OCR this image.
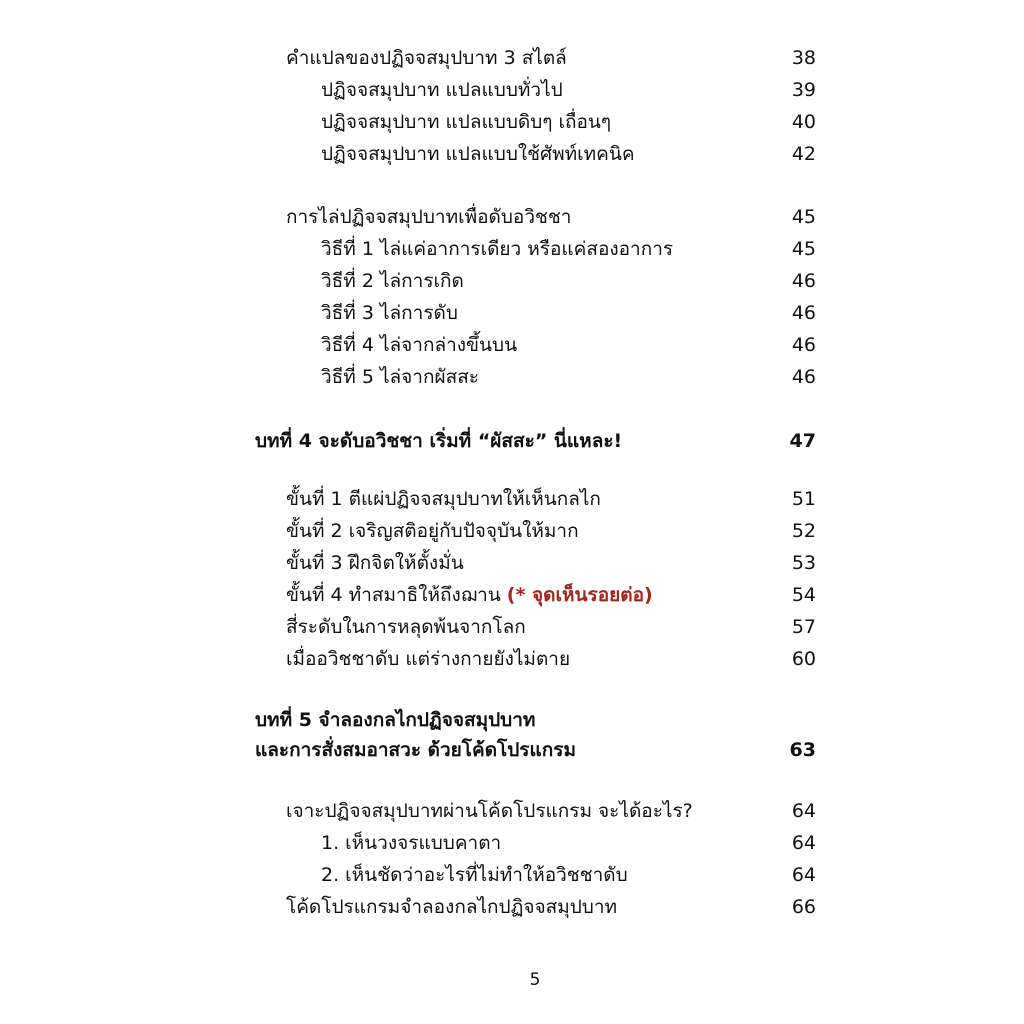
คำแปลของปฏิจจสมุปบาท 3 สไตล์	38
ปฏิจจสมุปบาท แปลแบบทั่วไป	39
ปฏิจจสมุปบาท แปลแบบดิบๆ เถื่อนๆ	40
ปฏิจจสมุปบาท แปลแบบใช้ศัพท์เทคนิค	42
การไล่ปฏิจจสมุปบาทเพื่อดับอวิชชา	45
วิธีที่ 1 ไล่แค่อาการเดียว หรือแค่สองอาการ	45
วิธีที่ 2 ไล่การเกิด	46
วิธีที่ 3 ไล่การดับ	46
วิธีที่ 4 ไล่จากล่างขึ้นบน	46
วิธีที่ 5 ไล่จากผัสสะ	46
บทที่ 4 จะดับอวิชชา เริ่มที่ “ผัสสะ” นี่แหละ!	47
ขั้นที่ 1 ตีแผ่ปฏิจจสมุปบาทให้เห็นกลไก	51
ขั้นที่ 2 เจริญสติอยู่กับปัจจุบันให้มาก	52
ขั้นที่ 3 ฝึกจิตให้ตั้งมั่น	53
ขั้นที่ 4 ทำสมาธิให้ถึงฌาน (* จุดเห็นรอยต่อ)	54
สี่ระดับในการหลุดพ้นจากโลก	57
เมื่ออวิชชาดับ แต่ร่างกายยังไม่ตาย	60
บทที่ 5 จำลองกลไกปฏิจจสมุปบาท
และการสั่งสมอาสวะ ด้วยโค้ดโปรแกรม	63
เจาะปฏิจจสมุปบาทผ่านโค้ดโปรแกรม จะได้อะไร?	64
1. เห็นวงจรแบบคาตา	64
2. เห็นชัดว่าอะไรที่ไม่ทำให้อวิชชาดับ	64
โค้ดโปรแกรมจำลองกลไกปฏิจจสมุปบาท	66
5
